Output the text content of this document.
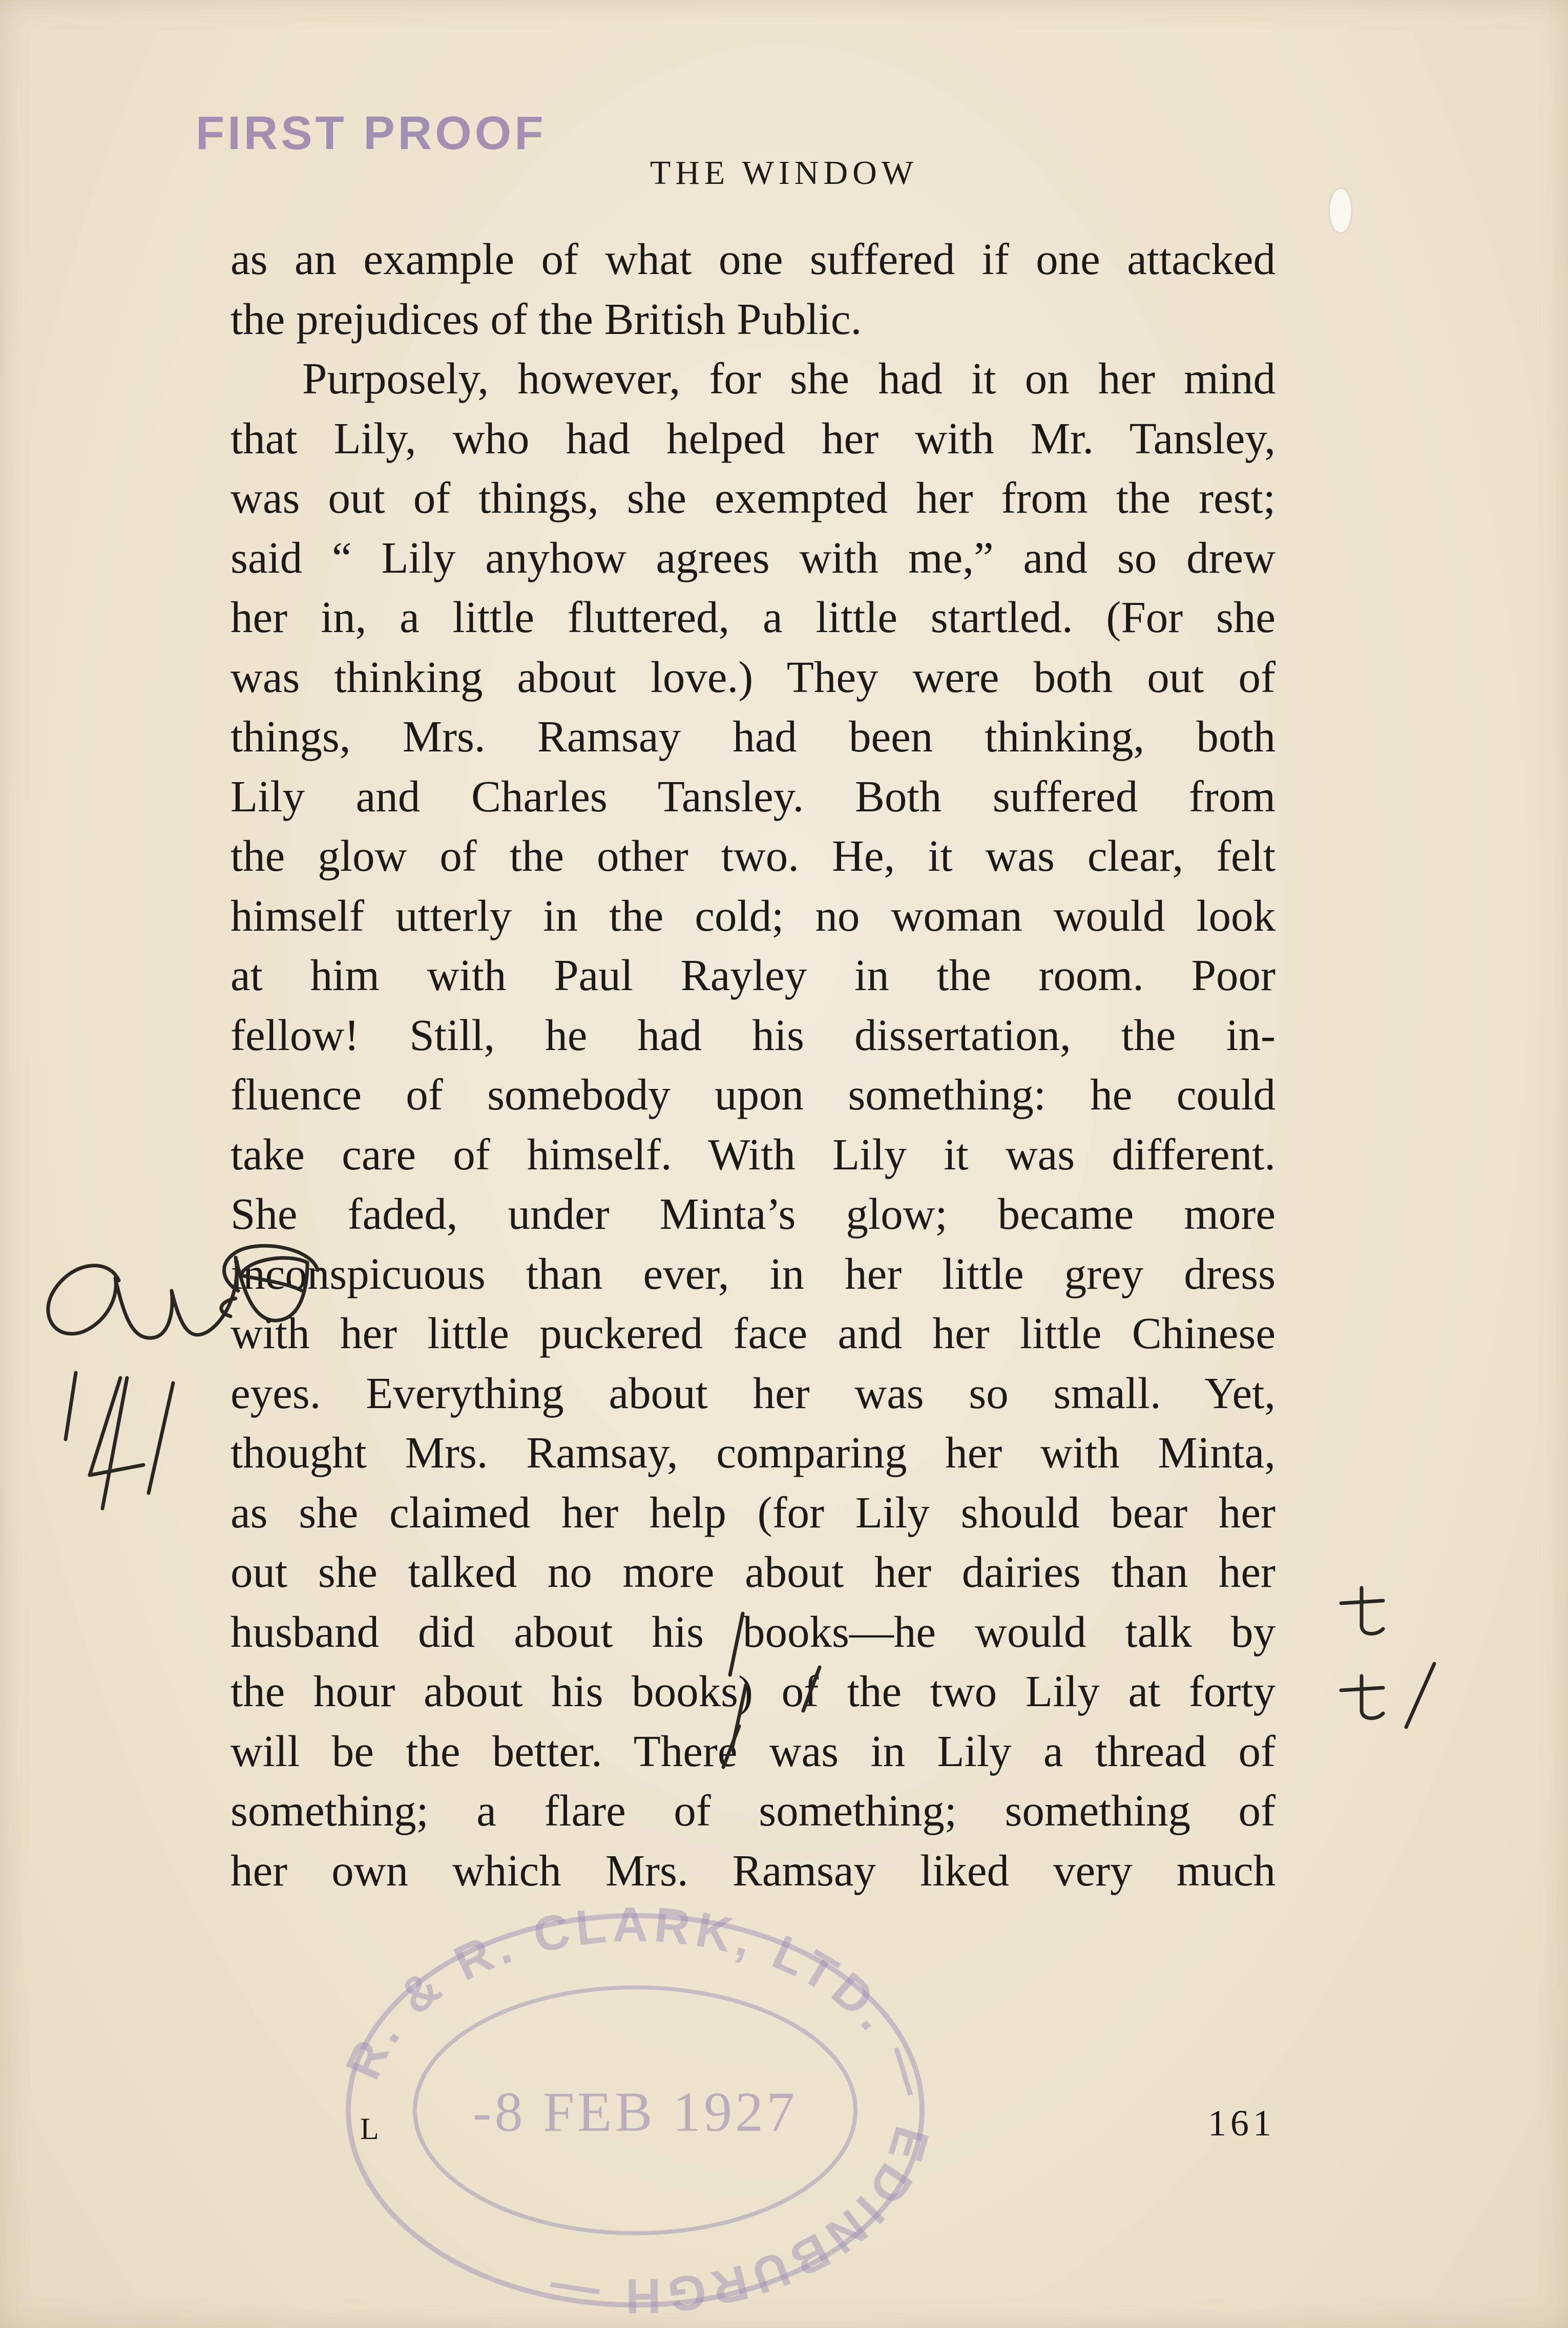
FIRST PROOF
THE WINDOW
as an example of what one suffered if one attacked
the prejudices of the British Public.
Purposely, however, for she had it on her mind
that Lily, who had helped her with Mr. Tansley,
was out of things, she exempted her from the rest;
said “ Lily anyhow agrees with me,” and so drew
her in, a little fluttered, a little startled. (For she
was thinking about love.) They were both out of
things, Mrs. Ramsay had been thinking, both
Lily and Charles Tansley. Both suffered from
the glow of the other two. He, it was clear, felt
himself utterly in the cold; no woman would look
at him with Paul Rayley in the room. Poor
fellow! Still, he had his dissertation, the in-
fluence of somebody upon something: he could
take care of himself. With Lily it was different.
She faded, under Minta’s glow; became more
inconspicuous than ever, in her little grey dress
with her little puckered face and her little Chinese
eyes. Everything about her was so small. Yet,
thought Mrs. Ramsay, comparing her with Minta,
as she claimed her help (for Lily should bear her
out she talked no more about her dairies than her
husband did about his books—he would talk by
the hour about his books) of the two Lily at forty
will be the better. There was in Lily a thread of
something; a flare of something; something of
her own which Mrs. Ramsay liked very much
L	161
R. & R. CLARK, LTD. — EDINBURGH —
-8 FEB 1927
